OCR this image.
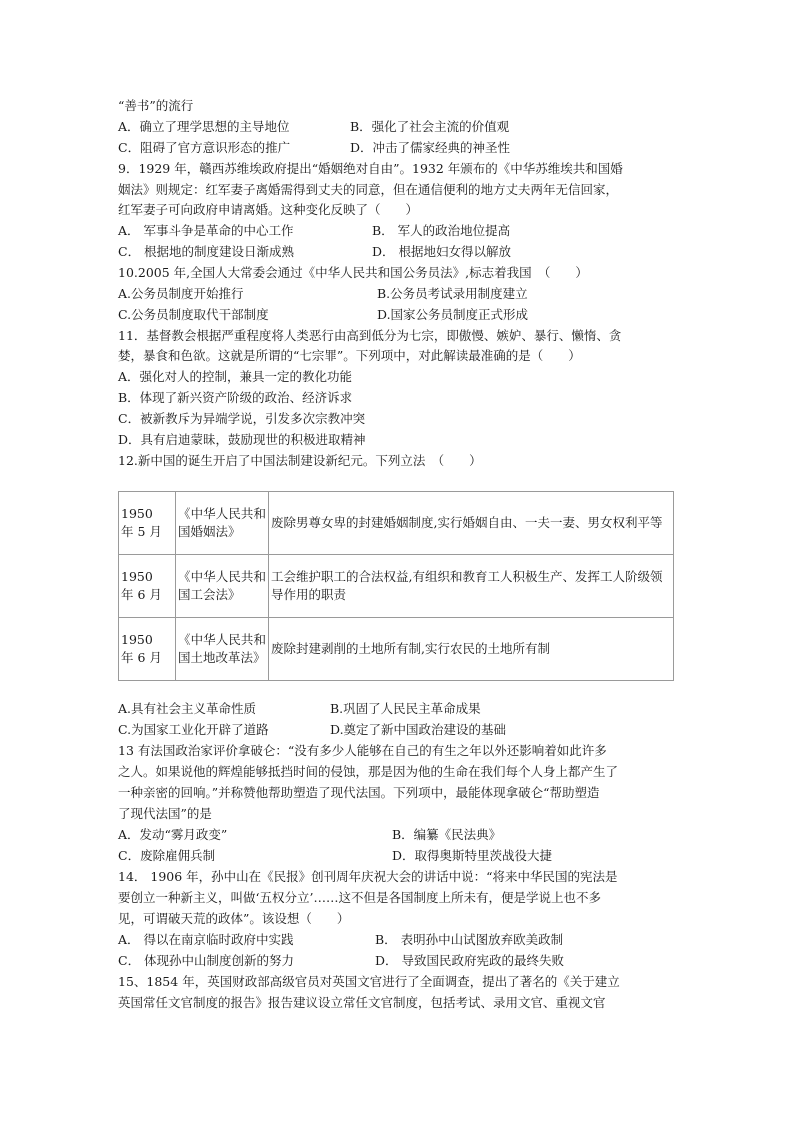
“善书”的流行
A．确立了理学思想的主导地位	B．强化了社会主流的价值观
C．阻碍了官方意识形态的推广	D．冲击了儒家经典的神圣性
9．1929 年，赣西苏维埃政府提出“婚姻绝对自由”。1932 年颁布的《中华苏维埃共和国婚
姻法》则规定：红军妻子离婚需得到丈夫的同意，但在通信便利的地方丈夫两年无信回家，
红军妻子可向政府申请离婚。这种变化反映了（　　）
A． 军事斗争是革命的中心工作	B． 军人的政治地位提高
C． 根据地的制度建设日渐成熟	D． 根据地妇女得以解放
10.2005 年,全国人大常委会通过《中华人民共和国公务员法》,标志着我国　（　　）
A.公务员制度开始推行	B.公务员考试录用制度建立
C.公务员制度取代干部制度	D.国家公务员制度正式形成
11．基督教会根据严重程度将人类恶行由高到低分为七宗，即傲慢、嫉妒、暴行、懒惰、贪
婪，暴食和色欲。这就是所谓的“七宗罪”。下列项中，对此解读最准确的是（　　）
A．强化对人的控制，兼具一定的教化功能
B．体现了新兴资产阶级的政治、经济诉求
C．被新教斥为异端学说，引发多次宗教冲突
D．具有启迪蒙昧，鼓励现世的积极进取精神
12.新中国的诞生开启了中国法制建设新纪元。下列立法　（　　）
1950　年 5 月	《中华人民共和国婚姻法》	废除男尊女卑的封建婚姻制度,实行婚姻自由、一夫一妻、男女权利平等
1950　年 6 月	《中华人民共和国工会法》	工会维护职工的合法权益,有组织和教育工人积极生产、发挥工人阶级领导作用的职责
1950　年 6 月	《中华人民共和国土地改革法》	废除封建剥削的土地所有制,实行农民的土地所有制
A.具有社会主义革命性质	B.巩固了人民民主革命成果
C.为国家工业化开辟了道路	D.奠定了新中国政治建设的基础
13 有法国政治家评价拿破仑：“没有多少人能够在自己的有生之年以外还影响着如此许多
之人。如果说他的辉煌能够抵挡时间的侵蚀，那是因为他的生命在我们每个人身上都产生了
一种亲密的回响。”并称赞他帮助塑造了现代法国。下列项中，最能体现拿破仑“帮助塑造
了现代法国”的是
A．发动“雾月政变”	B．编纂《民法典》
C．废除雇佣兵制	D．取得奥斯特里茨战役大捷
14． 1906 年，孙中山在《民报》创刊周年庆祝大会的讲话中说：“将来中华民国的宪法是
要创立一种新主义，叫做‘五权分立’……这不但是各国制度上所未有，便是学说上也不多
见，可谓破天荒的政体”。该设想（　　）
A． 得以在南京临时政府中实践	B． 表明孙中山试图放弃欧美政制
C． 体现孙中山制度创新的努力	D． 导致国民政府宪政的最终失败
15、1854 年，英国财政部高级官员对英国文官进行了全面调查，提出了著名的《关于建立
英国常任文官制度的报告》报告建议设立常任文官制度，包括考试、录用文官、重视文官
